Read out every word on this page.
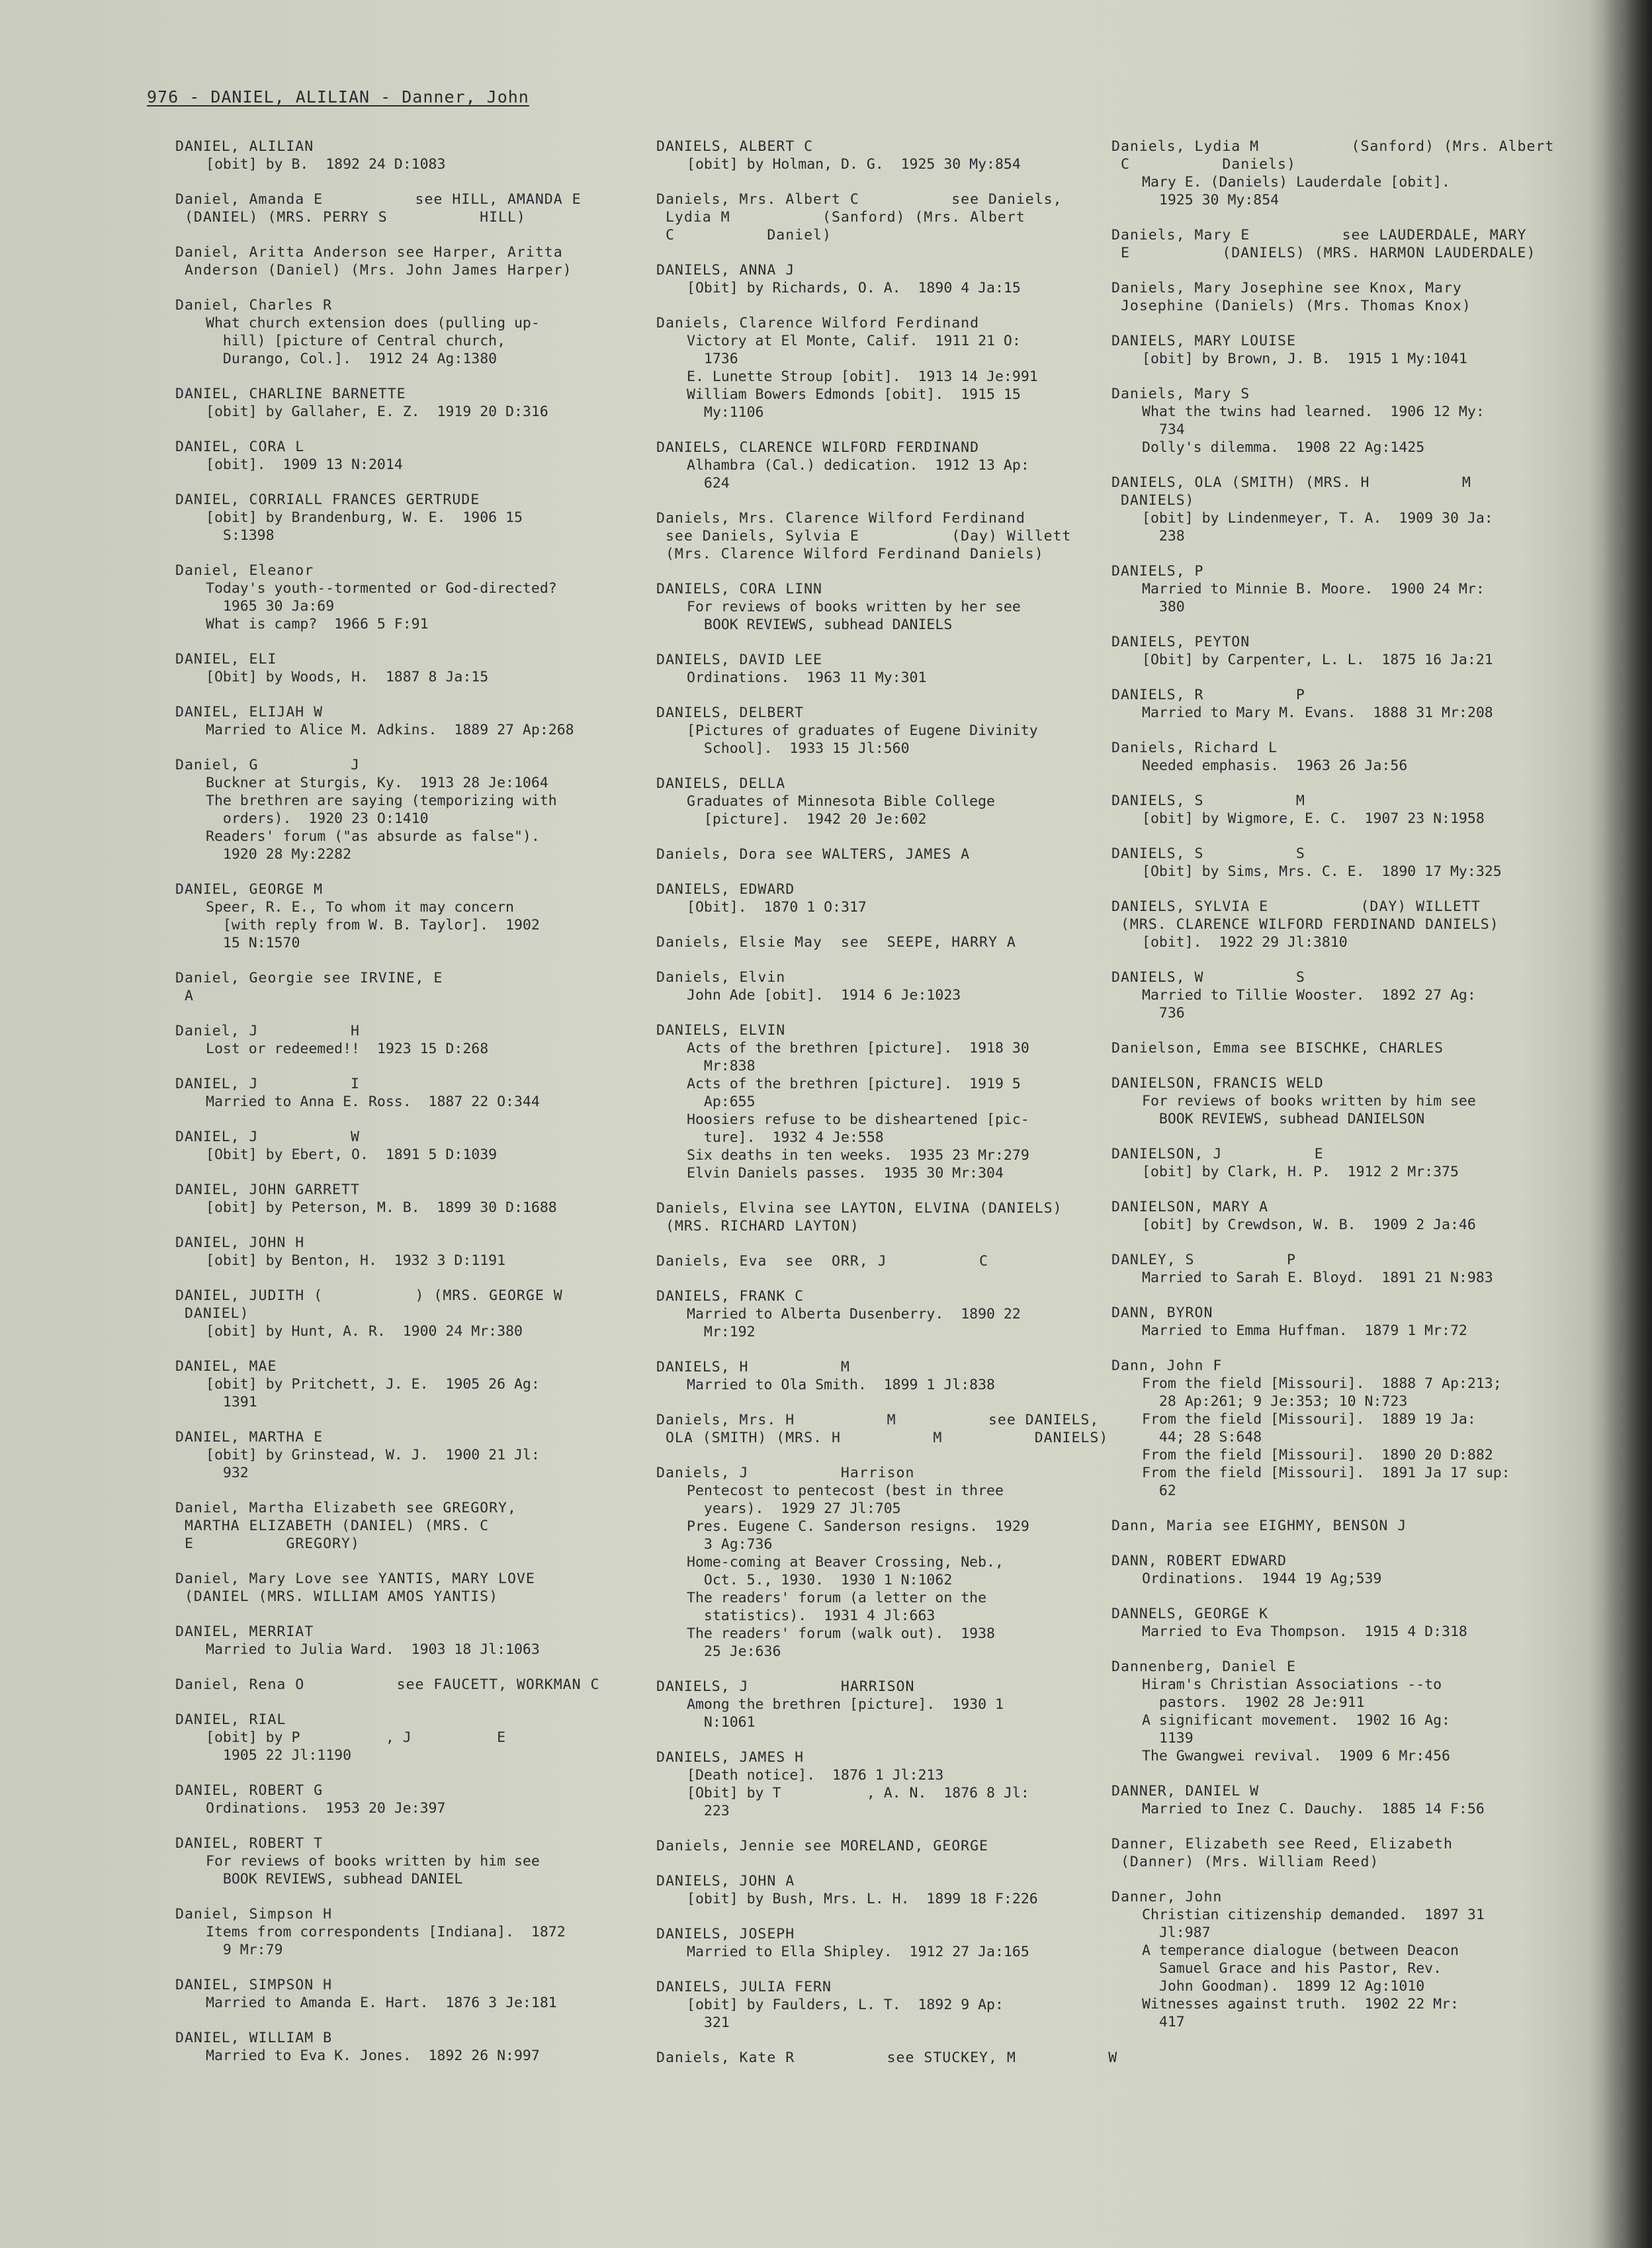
976 - DANIEL, ALILIAN - Danner, John
DANIEL, ALILIAN
[obit] by B.  1892 24 D:1083
Daniel, Amanda E          see HILL, AMANDA E
(DANIEL) (MRS. PERRY S          HILL)
Daniel, Aritta Anderson see Harper, Aritta
Anderson (Daniel) (Mrs. John James Harper)
Daniel, Charles R
What church extension does (pulling up-
hill) [picture of Central church,
Durango, Col.].  1912 24 Ag:1380
DANIEL, CHARLINE BARNETTE
[obit] by Gallaher, E. Z.  1919 20 D:316
DANIEL, CORA L
[obit].  1909 13 N:2014
DANIEL, CORRIALL FRANCES GERTRUDE
[obit] by Brandenburg, W. E.  1906 15
S:1398
Daniel, Eleanor
Today's youth--tormented or God-directed?
1965 30 Ja:69
What is camp?  1966 5 F:91
DANIEL, ELI
[Obit] by Woods, H.  1887 8 Ja:15
DANIEL, ELIJAH W
Married to Alice M. Adkins.  1889 27 Ap:268
Daniel, G          J
Buckner at Sturgis, Ky.  1913 28 Je:1064
The brethren are saying (temporizing with
orders).  1920 23 O:1410
Readers' forum ("as absurde as false").
1920 28 My:2282
DANIEL, GEORGE M
Speer, R. E., To whom it may concern
[with reply from W. B. Taylor].  1902
15 N:1570
Daniel, Georgie see IRVINE, E
A
Daniel, J          H
Lost or redeemed!!  1923 15 D:268
DANIEL, J          I
Married to Anna E. Ross.  1887 22 O:344
DANIEL, J          W
[Obit] by Ebert, O.  1891 5 D:1039
DANIEL, JOHN GARRETT
[obit] by Peterson, M. B.  1899 30 D:1688
DANIEL, JOHN H
[obit] by Benton, H.  1932 3 D:1191
DANIEL, JUDITH (          ) (MRS. GEORGE W
DANIEL)
[obit] by Hunt, A. R.  1900 24 Mr:380
DANIEL, MAE
[obit] by Pritchett, J. E.  1905 26 Ag:
1391
DANIEL, MARTHA E
[obit] by Grinstead, W. J.  1900 21 Jl:
932
Daniel, Martha Elizabeth see GREGORY,
MARTHA ELIZABETH (DANIEL) (MRS. C
E          GREGORY)
Daniel, Mary Love see YANTIS, MARY LOVE
(DANIEL (MRS. WILLIAM AMOS YANTIS)
DANIEL, MERRIAT
Married to Julia Ward.  1903 18 Jl:1063
Daniel, Rena O          see FAUCETT, WORKMAN C
DANIEL, RIAL
[obit] by P          , J          E
1905 22 Jl:1190
DANIEL, ROBERT G
Ordinations.  1953 20 Je:397
DANIEL, ROBERT T
For reviews of books written by him see
BOOK REVIEWS, subhead DANIEL
Daniel, Simpson H
Items from correspondents [Indiana].  1872
9 Mr:79
DANIEL, SIMPSON H
Married to Amanda E. Hart.  1876 3 Je:181
DANIEL, WILLIAM B
Married to Eva K. Jones.  1892 26 N:997
DANIELS, ALBERT C
[obit] by Holman, D. G.  1925 30 My:854
Daniels, Mrs. Albert C          see Daniels,
Lydia M          (Sanford) (Mrs. Albert
C          Daniel)
DANIELS, ANNA J
[Obit] by Richards, O. A.  1890 4 Ja:15
Daniels, Clarence Wilford Ferdinand
Victory at El Monte, Calif.  1911 21 O:
1736
E. Lunette Stroup [obit].  1913 14 Je:991
William Bowers Edmonds [obit].  1915 15
My:1106
DANIELS, CLARENCE WILFORD FERDINAND
Alhambra (Cal.) dedication.  1912 13 Ap:
624
Daniels, Mrs. Clarence Wilford Ferdinand
see Daniels, Sylvia E          (Day) Willett
(Mrs. Clarence Wilford Ferdinand Daniels)
DANIELS, CORA LINN
For reviews of books written by her see
BOOK REVIEWS, subhead DANIELS
DANIELS, DAVID LEE
Ordinations.  1963 11 My:301
DANIELS, DELBERT
[Pictures of graduates of Eugene Divinity
School].  1933 15 Jl:560
DANIELS, DELLA
Graduates of Minnesota Bible College
[picture].  1942 20 Je:602
Daniels, Dora see WALTERS, JAMES A
DANIELS, EDWARD
[Obit].  1870 1 O:317
Daniels, Elsie May  see  SEEPE, HARRY A
Daniels, Elvin
John Ade [obit].  1914 6 Je:1023
DANIELS, ELVIN
Acts of the brethren [picture].  1918 30
Mr:838
Acts of the brethren [picture].  1919 5
Ap:655
Hoosiers refuse to be disheartened [pic-
ture].  1932 4 Je:558
Six deaths in ten weeks.  1935 23 Mr:279
Elvin Daniels passes.  1935 30 Mr:304
Daniels, Elvina see LAYTON, ELVINA (DANIELS)
(MRS. RICHARD LAYTON)
Daniels, Eva  see  ORR, J          C
DANIELS, FRANK C
Married to Alberta Dusenberry.  1890 22
Mr:192
DANIELS, H          M
Married to Ola Smith.  1899 1 Jl:838
Daniels, Mrs. H          M          see DANIELS,
OLA (SMITH) (MRS. H          M          DANIELS)
Daniels, J          Harrison
Pentecost to pentecost (best in three
years).  1929 27 Jl:705
Pres. Eugene C. Sanderson resigns.  1929
3 Ag:736
Home-coming at Beaver Crossing, Neb.,
Oct. 5., 1930.  1930 1 N:1062
The readers' forum (a letter on the
statistics).  1931 4 Jl:663
The readers' forum (walk out).  1938
25 Je:636
DANIELS, J          HARRISON
Among the brethren [picture].  1930 1
N:1061
DANIELS, JAMES H
[Death notice].  1876 1 Jl:213
[Obit] by T          , A. N.  1876 8 Jl:
223
Daniels, Jennie see MORELAND, GEORGE
DANIELS, JOHN A
[obit] by Bush, Mrs. L. H.  1899 18 F:226
DANIELS, JOSEPH
Married to Ella Shipley.  1912 27 Ja:165
DANIELS, JULIA FERN
[obit] by Faulders, L. T.  1892 9 Ap:
321
Daniels, Kate R          see STUCKEY, M          W
Daniels, Lydia M          (Sanford) (Mrs. Albert
C          Daniels)
Mary E. (Daniels) Lauderdale [obit].
1925 30 My:854
Daniels, Mary E          see LAUDERDALE, MARY
E          (DANIELS) (MRS. HARMON LAUDERDALE)
Daniels, Mary Josephine see Knox, Mary
Josephine (Daniels) (Mrs. Thomas Knox)
DANIELS, MARY LOUISE
[obit] by Brown, J. B.  1915 1 My:1041
Daniels, Mary S
What the twins had learned.  1906 12 My:
734
Dolly's dilemma.  1908 22 Ag:1425
DANIELS, OLA (SMITH) (MRS. H          M
DANIELS)
[obit] by Lindenmeyer, T. A.  1909 30 Ja:
238
DANIELS, P
Married to Minnie B. Moore.  1900 24 Mr:
380
DANIELS, PEYTON
[Obit] by Carpenter, L. L.  1875 16 Ja:21
DANIELS, R          P
Married to Mary M. Evans.  1888 31 Mr:208
Daniels, Richard L
Needed emphasis.  1963 26 Ja:56
DANIELS, S          M
[obit] by Wigmore, E. C.  1907 23 N:1958
DANIELS, S          S
[Obit] by Sims, Mrs. C. E.  1890 17 My:325
DANIELS, SYLVIA E          (DAY) WILLETT
(MRS. CLARENCE WILFORD FERDINAND DANIELS)
[obit].  1922 29 Jl:3810
DANIELS, W          S
Married to Tillie Wooster.  1892 27 Ag:
736
Danielson, Emma see BISCHKE, CHARLES
DANIELSON, FRANCIS WELD
For reviews of books written by him see
BOOK REVIEWS, subhead DANIELSON
DANIELSON, J          E
[obit] by Clark, H. P.  1912 2 Mr:375
DANIELSON, MARY A
[obit] by Crewdson, W. B.  1909 2 Ja:46
DANLEY, S          P
Married to Sarah E. Bloyd.  1891 21 N:983
DANN, BYRON
Married to Emma Huffman.  1879 1 Mr:72
Dann, John F
From the field [Missouri].  1888 7 Ap:213;
28 Ap:261; 9 Je:353; 10 N:723
From the field [Missouri].  1889 19 Ja:
44; 28 S:648
From the field [Missouri].  1890 20 D:882
From the field [Missouri].  1891 Ja 17 sup:
62
Dann, Maria see EIGHMY, BENSON J
DANN, ROBERT EDWARD
Ordinations.  1944 19 Ag;539
DANNELS, GEORGE K
Married to Eva Thompson.  1915 4 D:318
Dannenberg, Daniel E
Hiram's Christian Associations --to
pastors.  1902 28 Je:911
A significant movement.  1902 16 Ag:
1139
The Gwangwei revival.  1909 6 Mr:456
DANNER, DANIEL W
Married to Inez C. Dauchy.  1885 14 F:56
Danner, Elizabeth see Reed, Elizabeth
(Danner) (Mrs. William Reed)
Danner, John
Christian citizenship demanded.  1897 31
Jl:987
A temperance dialogue (between Deacon
Samuel Grace and his Pastor, Rev.
John Goodman).  1899 12 Ag:1010
Witnesses against truth.  1902 22 Mr:
417
